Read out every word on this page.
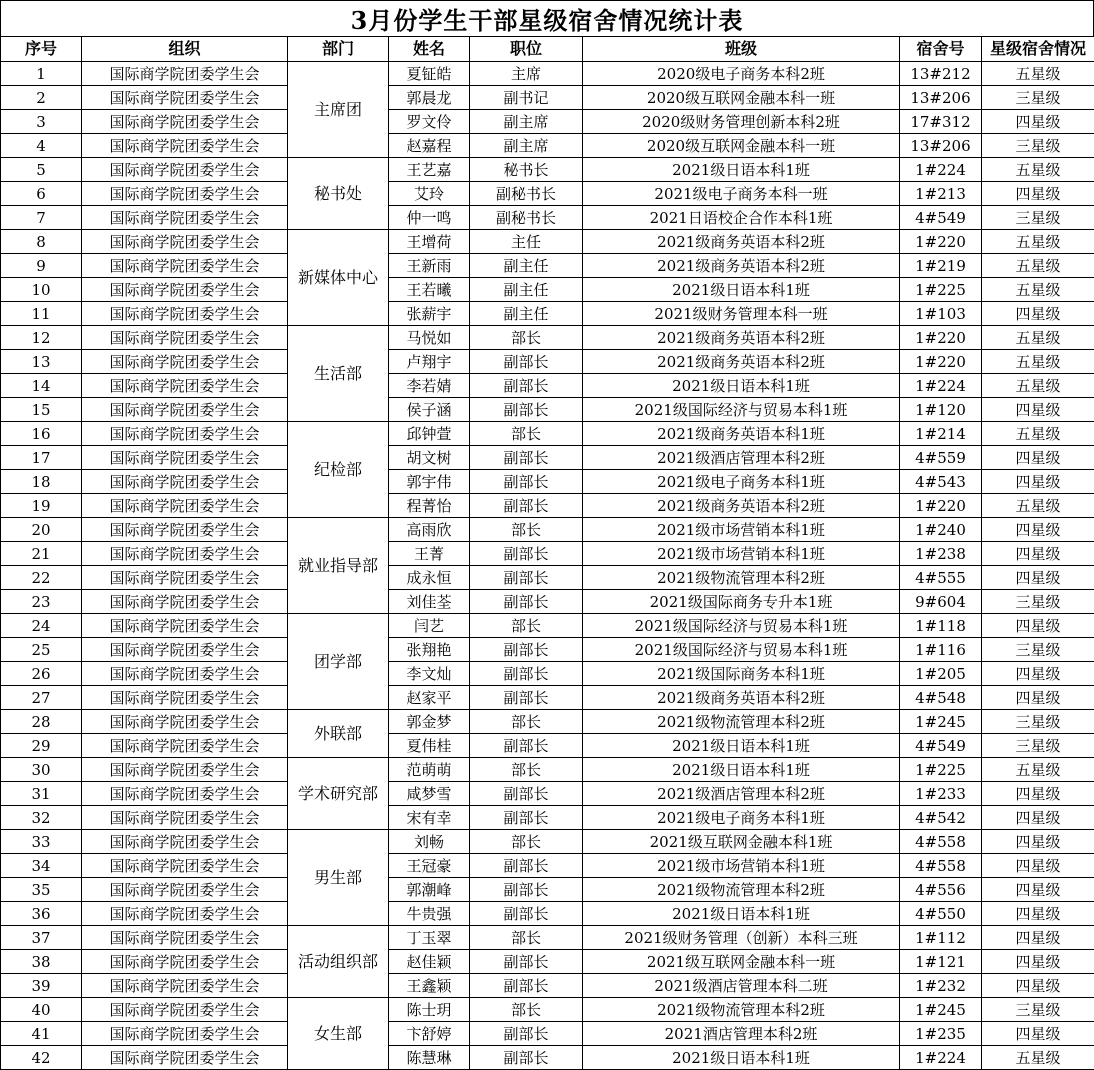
3月份学生干部星级宿舍情况统计表
序号	组织	部门	姓名	职位	班级	宿舍号	星级宿舍情况
1	国际商学院团委学生会	主席团	夏钲皓	主席	2020级电子商务本科2班	13#212	五星级
2	国际商学院团委学生会		郭晨龙	副书记	2020级互联网金融本科一班	13#206	三星级
3	国际商学院团委学生会		罗文伶	副主席	2020级财务管理创新本科2班	17#312	四星级
4	国际商学院团委学生会		赵嘉程	副主席	2020级互联网金融本科一班	13#206	三星级
5	国际商学院团委学生会	秘书处	王艺嘉	秘书长	2021级日语本科1班	1#224	五星级
6	国际商学院团委学生会		艾玲	副秘书长	2021级电子商务本科一班	1#213	四星级
7	国际商学院团委学生会		仲一鸣	副秘书长	2021日语校企合作本科1班	4#549	三星级
8	国际商学院团委学生会	新媒体中心	王增荷	主任	2021级商务英语本科2班	1#220	五星级
9	国际商学院团委学生会		王新雨	副主任	2021级商务英语本科2班	1#219	五星级
10	国际商学院团委学生会		王若曦	副主任	2021级日语本科1班	1#225	五星级
11	国际商学院团委学生会		张薪宇	副主任	2021级财务管理本科一班	1#103	四星级
12	国际商学院团委学生会	生活部	马悦如	部长	2021级商务英语本科2班	1#220	五星级
13	国际商学院团委学生会		卢翔宇	副部长	2021级商务英语本科2班	1#220	五星级
14	国际商学院团委学生会		李若婧	副部长	2021级日语本科1班	1#224	五星级
15	国际商学院团委学生会		侯子涵	副部长	2021级国际经济与贸易本科1班	1#120	四星级
16	国际商学院团委学生会	纪检部	邱钟萱	部长	2021级商务英语本科1班	1#214	五星级
17	国际商学院团委学生会		胡文树	副部长	2021级酒店管理本科2班	4#559	四星级
18	国际商学院团委学生会		郭宇伟	副部长	2021级电子商务本科1班	4#543	四星级
19	国际商学院团委学生会		程菁怡	副部长	2021级商务英语本科2班	1#220	五星级
20	国际商学院团委学生会	就业指导部	高雨欣	部长	2021级市场营销本科1班	1#240	四星级
21	国际商学院团委学生会		王菁	副部长	2021级市场营销本科1班	1#238	四星级
22	国际商学院团委学生会		成永恒	副部长	2021级物流管理本科2班	4#555	四星级
23	国际商学院团委学生会		刘佳荃	副部长	2021级国际商务专升本1班	9#604	三星级
24	国际商学院团委学生会	团学部	闫艺	部长	2021级国际经济与贸易本科1班	1#118	四星级
25	国际商学院团委学生会		张翔艳	副部长	2021级国际经济与贸易本科1班	1#116	三星级
26	国际商学院团委学生会		李文灿	副部长	2021级国际商务本科1班	1#205	四星级
27	国际商学院团委学生会		赵家平	副部长	2021级商务英语本科2班	4#548	四星级
28	国际商学院团委学生会	外联部	郭金梦	部长	2021级物流管理本科2班	1#245	三星级
29	国际商学院团委学生会		夏伟桂	副部长	2021级日语本科1班	4#549	三星级
30	国际商学院团委学生会	学术研究部	范萌萌	部长	2021级日语本科1班	1#225	五星级
31	国际商学院团委学生会		咸梦雪	副部长	2021级酒店管理本科2班	1#233	四星级
32	国际商学院团委学生会		宋有幸	副部长	2021级电子商务本科1班	4#542	四星级
33	国际商学院团委学生会	男生部	刘畅	部长	2021级互联网金融本科1班	4#558	四星级
34	国际商学院团委学生会		王冠豪	副部长	2021级市场营销本科1班	4#558	四星级
35	国际商学院团委学生会		郭潮峰	副部长	2021级物流管理本科2班	4#556	四星级
36	国际商学院团委学生会		牛贵强	副部长	2021级日语本科1班	4#550	四星级
37	国际商学院团委学生会	活动组织部	丁玉翠	部长	2021级财务管理（创新）本科三班	1#112	四星级
38	国际商学院团委学生会		赵佳颖	副部长	2021级互联网金融本科一班	1#121	四星级
39	国际商学院团委学生会		王鑫颖	副部长	2021级酒店管理本科二班	1#232	四星级
40	国际商学院团委学生会	女生部	陈士玥	部长	2021级物流管理本科2班	1#245	三星级
41	国际商学院团委学生会		卞舒婷	副部长	2021酒店管理本科2班	1#235	四星级
42	国际商学院团委学生会		陈慧琳	副部长	2021级日语本科1班	1#224	五星级
